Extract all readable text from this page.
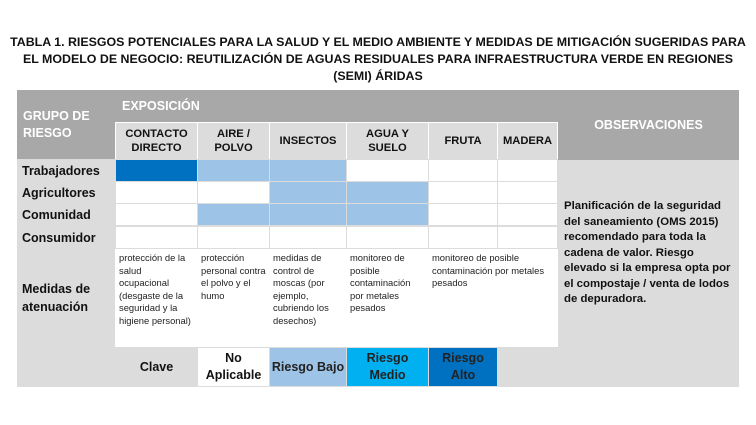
TABLA 1. RIESGOS POTENCIALES PARA LA SALUD Y EL MEDIO AMBIENTE Y MEDIDAS DE MITIGACIÓN SUGERIDAS PARA EL MODELO DE NEGOCIO: REUTILIZACIÓN DE AGUAS RESIDUALES PARA INFRAESTRUCTURA VERDE EN REGIONES (SEMI) ÁRIDAS
GRUPO DE RIESGO
EXPOSICIÓN
OBSERVACIONES
CONTACTO DIRECTO
AIRE / POLVO
INSECTOS
AGUA Y SUELO
FRUTA	MADERA
Trabajadores
Agricultores
Comunidad
Consumidor
Medidas de atenuación
protección de la salud ocupacional (desgaste de la seguridad y la higiene personal)
protección personal contra el polvo y el humo
medidas de control de moscas (por ejemplo, cubriendo los desechos)
monitoreo de posible contaminación por metales pesados
monitoreo de posible contaminación por metales pesados
Planificación de la seguridad del saneamiento (OMS 2015) recomendado para toda la cadena de valor. Riesgo elevado si la empresa opta por el compostaje / venta de lodos de depuradora.
Clave
No Aplicable
Riesgo Bajo
Riesgo Medio
Riesgo Alto
